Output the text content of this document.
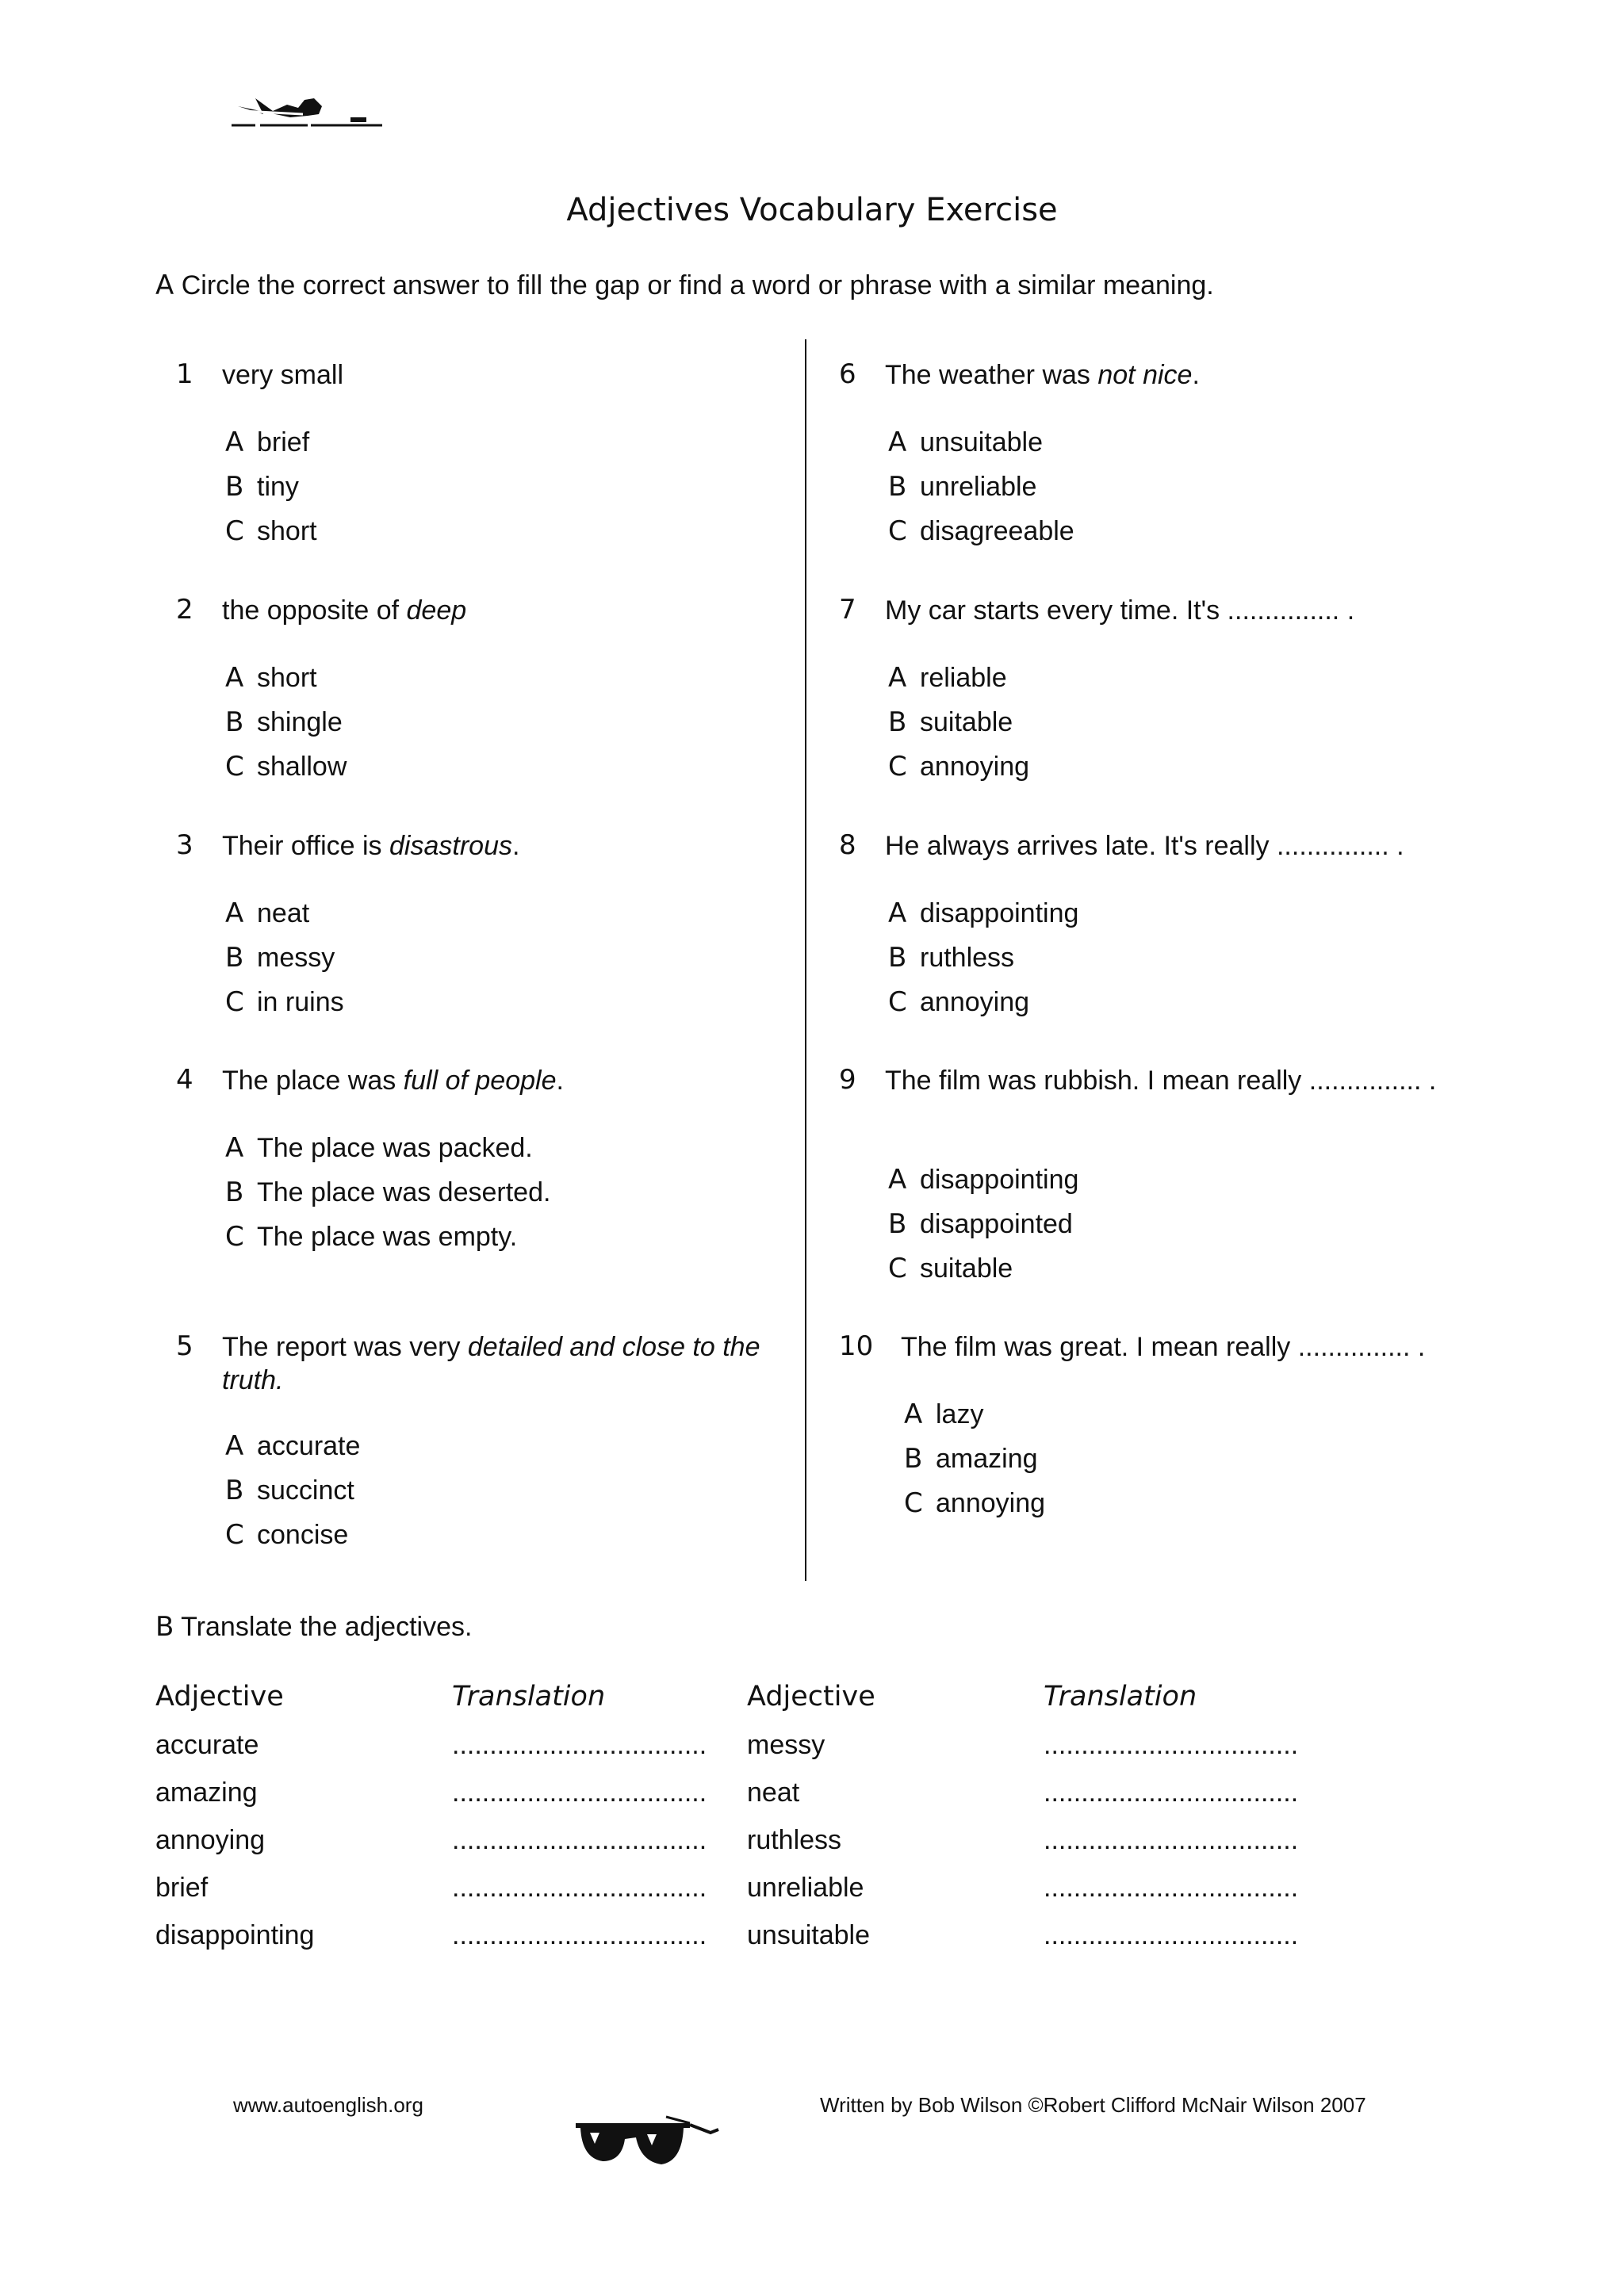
Adjectives Vocabulary Exercise
A Circle the correct answer to fill the gap or find a word or phrase with a similar meaning.
1 very small
A brief
B tiny
C short
2 the opposite of deep
A short
B shingle
C shallow
3 Their office is disastrous.
A neat
B messy
C in ruins
4 The place was full of people.
A The place was packed.
B The place was deserted.
C The place was empty.
5 The report was very detailed and close to the truth.
A accurate
B succinct
C concise
6 The weather was not nice.
A unsuitable
B unreliable
C disagreeable
7 My car starts every time. It's ............... .
A reliable
B suitable
C annoying
8 He always arrives late. It's really ............... .
A disappointing
B ruthless
C annoying
9 The film was rubbish. I mean really ............... .
A disappointing
B disappointed
C suitable
10 The film was great. I mean really ............... .
A lazy
B amazing
C annoying
B Translate the adjectives.
Adjective	Translation	Adjective	Translation
accurate	.................................. messy	..................................
amazing	.................................. neat	..................................
annoying	.................................. ruthless	..................................
brief	.................................. unreliable	..................................
disappointing	.................................. unsuitable	..................................
www.autoenglish.org	Written by Bob Wilson ©Robert Clifford McNair Wilson 2007
